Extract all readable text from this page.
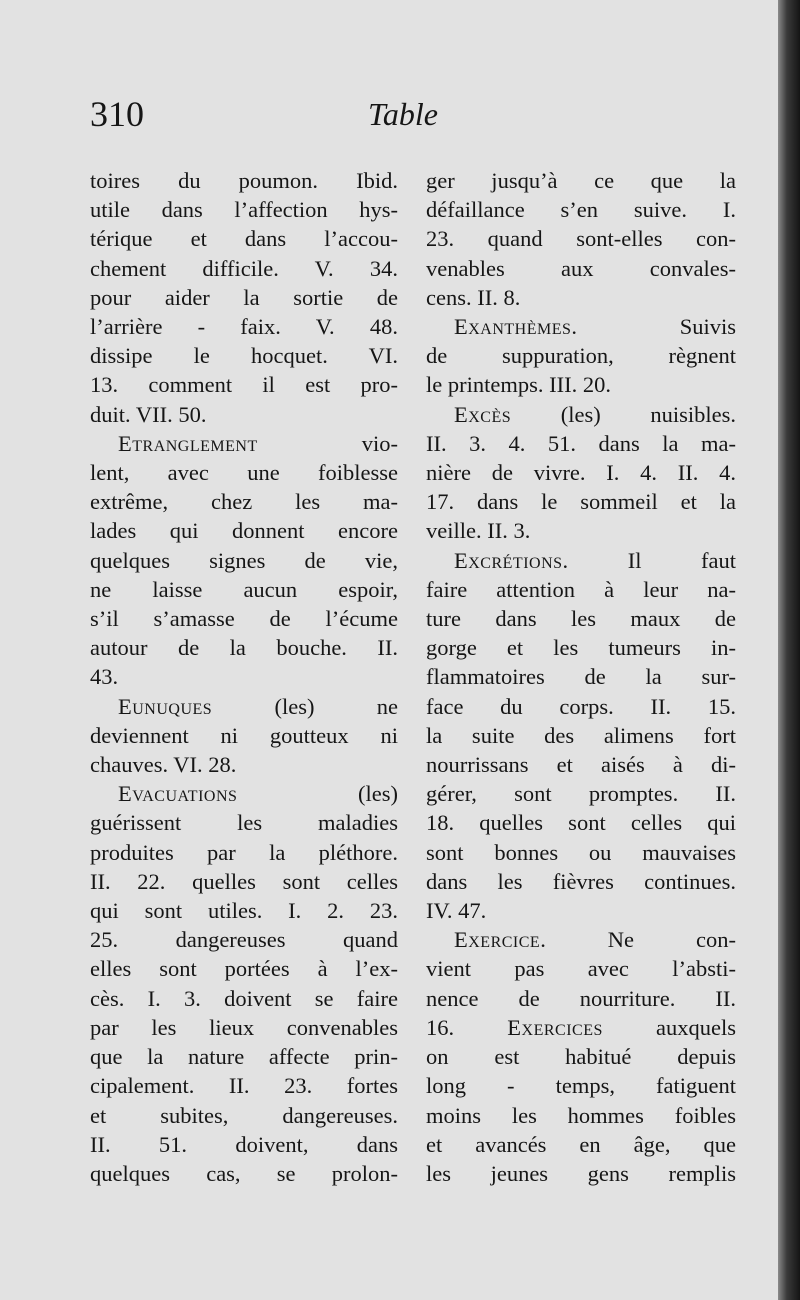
310	Table
toires du poumon. Ibid.
utile dans l’affection hys-
térique et dans l’accou-
chement difficile. V. 34.
pour aider la sortie de
l’arrière - faix. V. 48.
dissipe le hocquet. VI.
13. comment il est pro-
duit. VII. 50.
Etranglement vio-
lent, avec une foiblesse
extrême, chez les ma-
lades qui donnent encore
quelques signes de vie,
ne laisse aucun espoir,
s’il s’amasse de l’écume
autour de la bouche. II.
43.
Eunuques (les) ne
deviennent ni goutteux ni
chauves. VI. 28.
Evacuations (les)
guérissent les maladies
produites par la pléthore.
II. 22. quelles sont celles
qui sont utiles. I. 2. 23.
25. dangereuses quand
elles sont portées à l’ex-
cès. I. 3. doivent se faire
par les lieux convenables
que la nature affecte prin-
cipalement. II. 23. fortes
et subites, dangereuses.
II. 51. doivent, dans
quelques cas, se prolon-
ger jusqu’à ce que la
défaillance s’en suive. I.
23. quand sont-elles con-
venables aux convales-
cens. II. 8.
Exanthèmes. Suivis
de suppuration, règnent
le printemps. III. 20.
Excès (les) nuisibles.
II. 3. 4. 51. dans la ma-
nière de vivre. I. 4. II. 4.
17. dans le sommeil et la
veille. II. 3.
Excrétions. Il faut
faire attention à leur na-
ture dans les maux de
gorge et les tumeurs in-
flammatoires de la sur-
face du corps. II. 15.
la suite des alimens fort
nourrissans et aisés à di-
gérer, sont promptes. II.
18. quelles sont celles qui
sont bonnes ou mauvaises
dans les fièvres continues.
IV. 47.
Exercice. Ne con-
vient pas avec l’absti-
nence de nourriture. II.
16. Exercices auxquels
on est habitué depuis
long - temps, fatiguent
moins les hommes foibles
et avancés en âge, que
les jeunes gens remplis
